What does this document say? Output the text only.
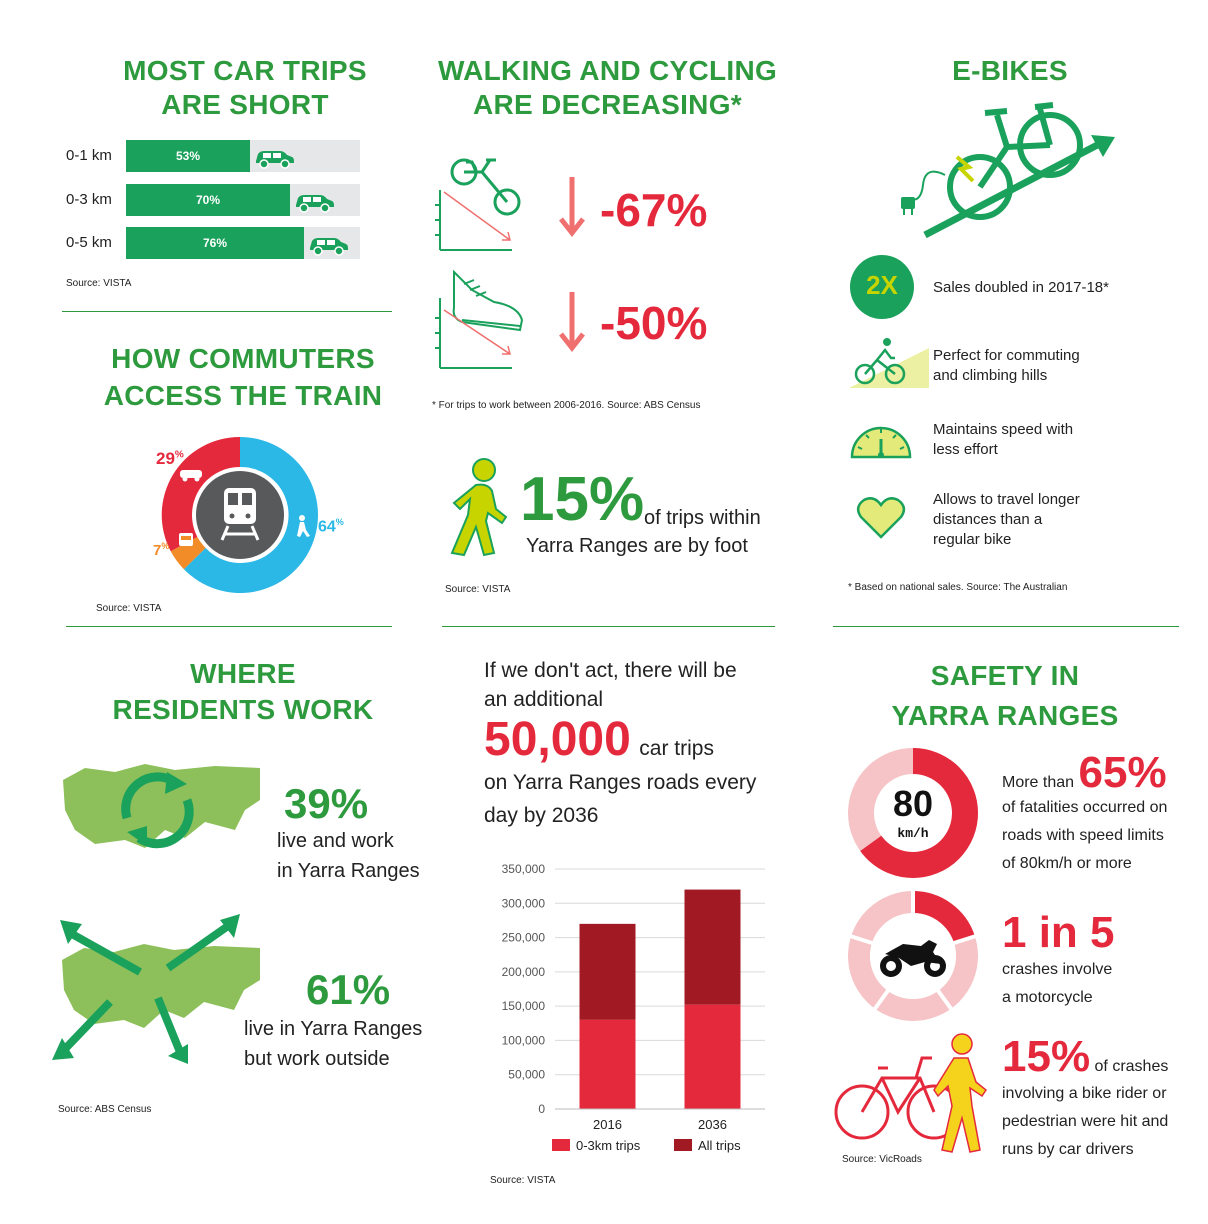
MOST CAR TRIPS
ARE SHORT
0-1 km	53%
0-3 km	70%
0-5 km	76%
Source: VISTA
HOW COMMUTERS
ACCESS THE TRAIN
29%
7%
64%
Source: VISTA
WALKING AND CYCLING
ARE DECREASING*
-67%
-50%
* For trips to work between 2006-2016. Source: ABS Census
15% of trips within
Yarra Ranges are by foot
Source: VISTA
E-BIKES
2X	Sales doubled in 2017-18*
Perfect for commuting
and climbing hills
Maintains speed with
less effort
Allows to travel longer
distances than a
regular bike
* Based on national sales. Source: The Australian
WHERE
RESIDENTS WORK
39%
live and work
in Yarra Ranges
61%
live in Yarra Ranges
but work outside
Source: ABS Census
If we don't act, there will be
an additional
50,000 car trips
on Yarra Ranges roads every
day by 2036
0
50,000
100,000
150,000
200,000
250,000
300,000
350,000
2016	2036
0-3km trips	All trips
Source: VISTA
SAFETY IN
YARRA RANGES
80
km/h
More than 65%
of fatalities occurred on
roads with speed limits
of 80km/h or more
1 in 5
crashes involve
a motorcycle
15% of crashes
involving a bike rider or
pedestrian were hit and
runs by car drivers
Source: VicRoads
